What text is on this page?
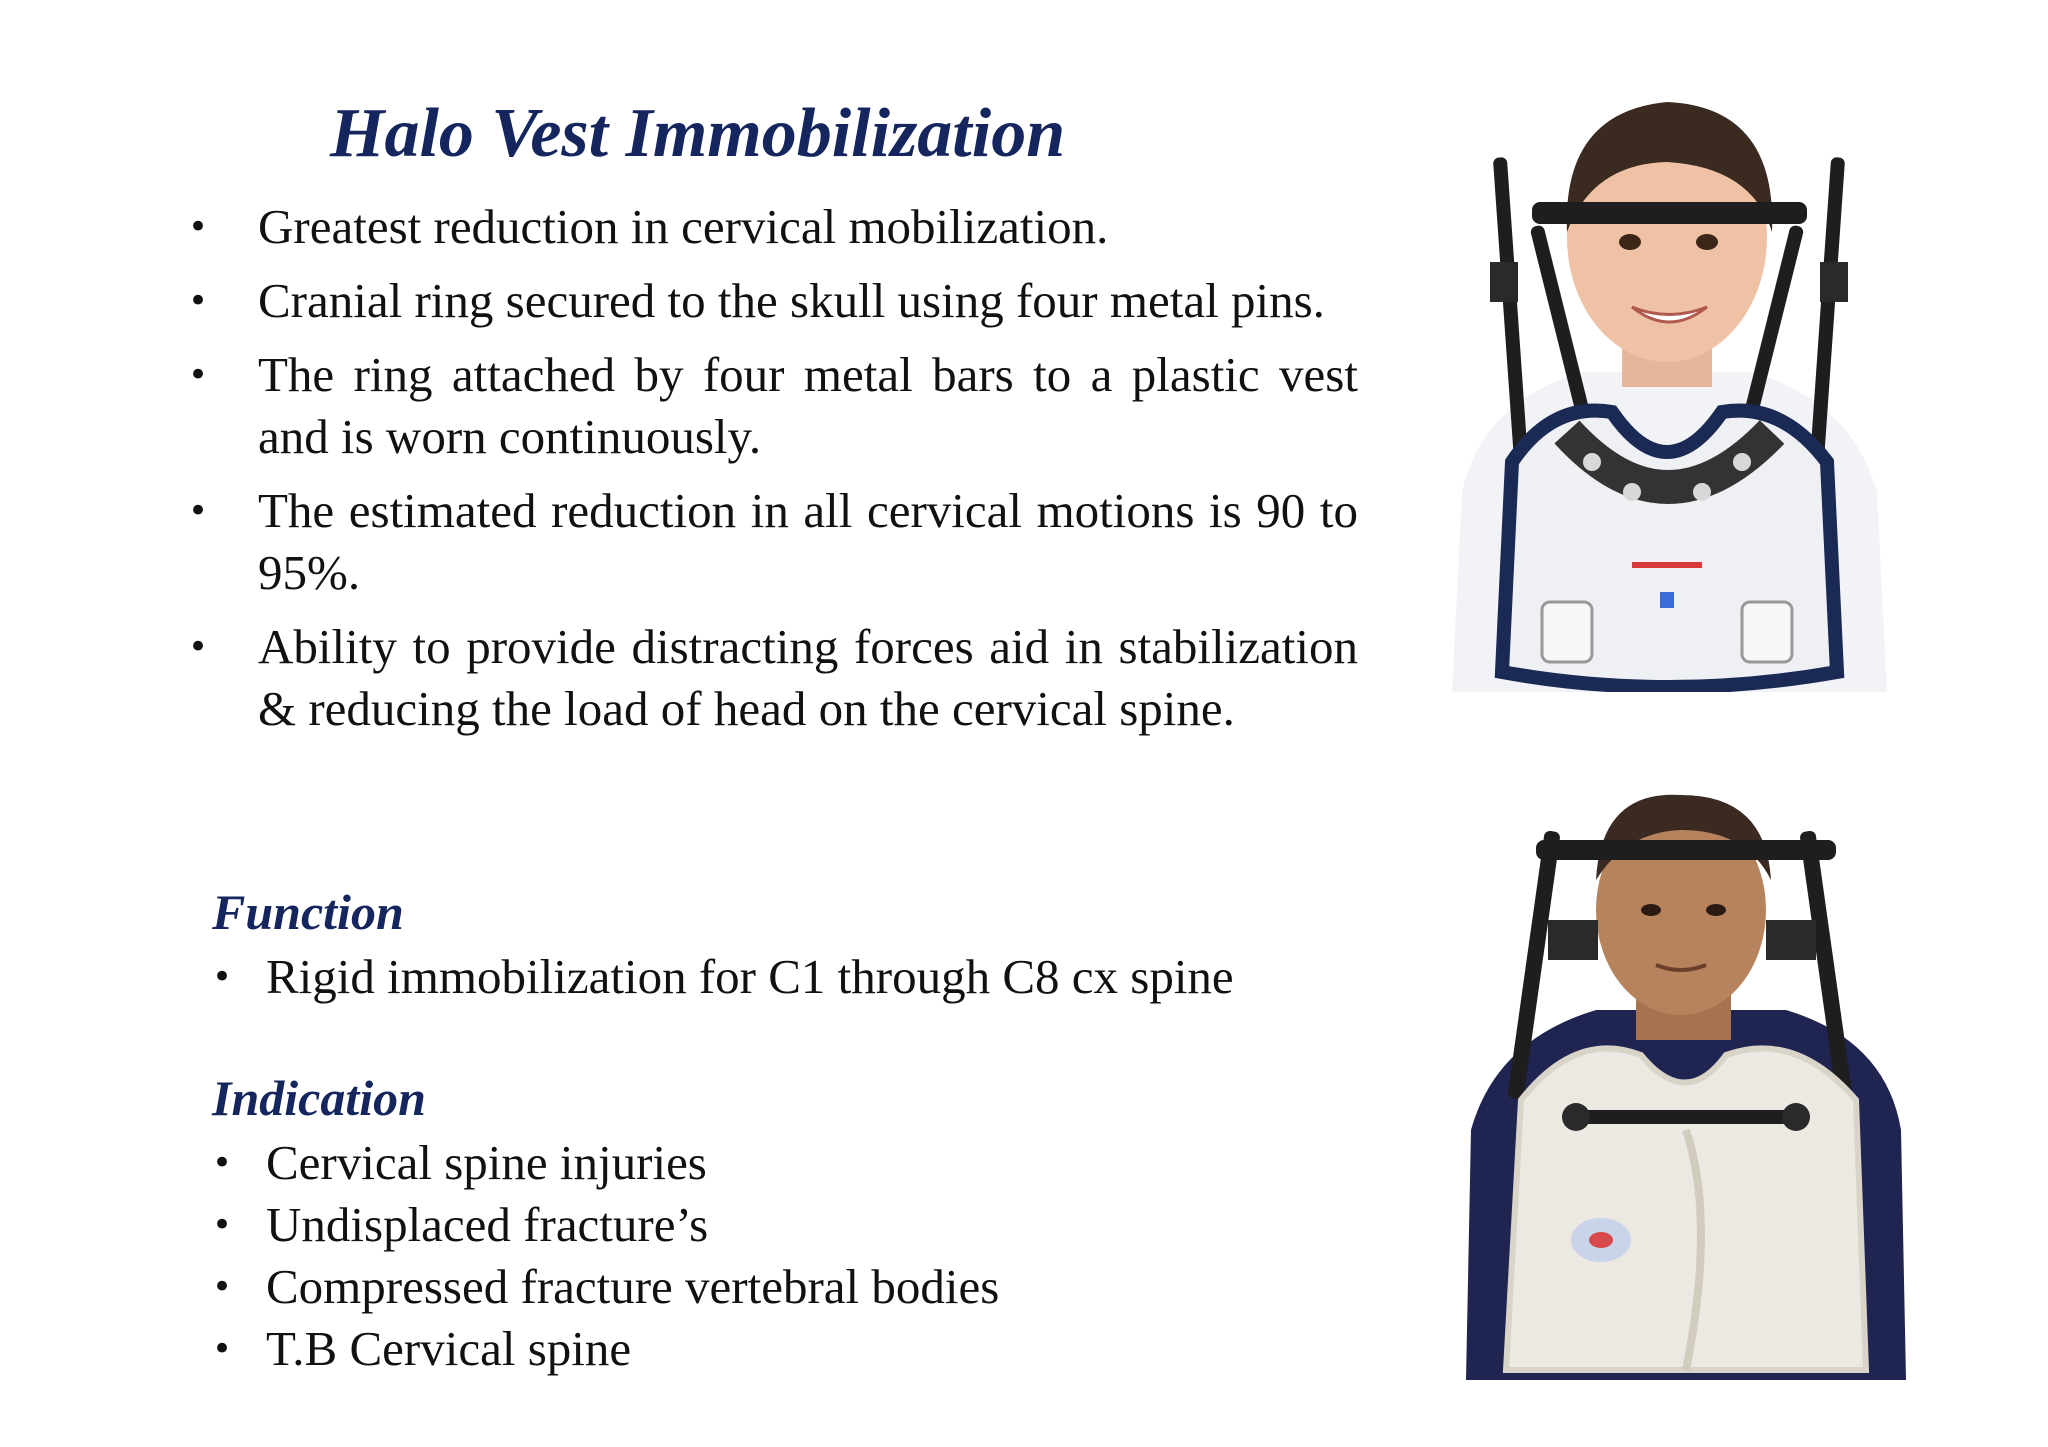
Halo Vest Immobilization
• Greatest reduction in cervical mobilization.
• Cranial ring secured to the skull using four metal pins.
• The ring attached by four metal bars to a plastic vest and is worn continuously.
• The estimated reduction in all cervical motions is 90 to 95%.
• Ability to provide distracting forces aid in stabilization & reducing the load of head on the cervical spine.
Function
• Rigid immobilization for C1 through C8 cx spine
Indication
• Cervical spine injuries
• Undisplaced fracture’s
• Compressed fracture vertebral bodies
• T.B Cervical spine
